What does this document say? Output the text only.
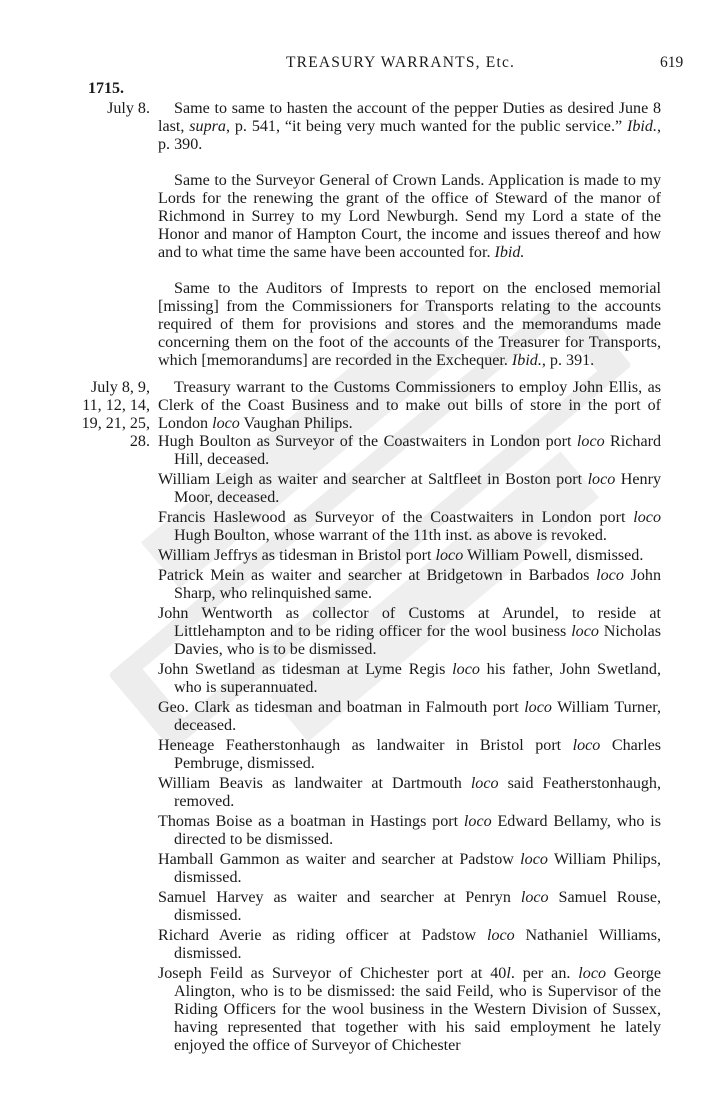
TREASURY WARRANTS, Etc.	619
1715.
July 8.	Same to same to hasten the account of the pepper Duties as desired June 8 last, supra, p. 541, “it being very much wanted for the public service.” Ibid., p. 390.
Same to the Surveyor General of Crown Lands. Application is made to my Lords for the renewing the grant of the office of Steward of the manor of Richmond in Surrey to my Lord Newburgh. Send my Lord a state of the Honor and manor of Hampton Court, the income and issues thereof and how and to what time the same have been accounted for. Ibid.
Same to the Auditors of Imprests to report on the enclosed memorial [missing] from the Commissioners for Transports relating to the accounts required of them for provisions and stores and the memorandums made concerning them on the foot of the accounts of the Treasurer for Transports, which [memorandums] are recorded in the Exchequer. Ibid., p. 391.
July 8, 9,
11, 12, 14,
19, 21, 25,
28.
Treasury warrant to the Customs Commissioners to employ John Ellis, as Clerk of the Coast Business and to make out bills of store in the port of London loco Vaughan Philips.
Hugh Boulton as Surveyor of the Coastwaiters in London port loco Richard Hill, deceased.
William Leigh as waiter and searcher at Saltfleet in Boston port loco Henry Moor, deceased.
Francis Haslewood as Surveyor of the Coastwaiters in London port loco Hugh Boulton, whose warrant of the 11th inst. as above is revoked.
William Jeffrys as tidesman in Bristol port loco William Powell, dismissed.
Patrick Mein as waiter and searcher at Bridgetown in Barbados loco John Sharp, who relinquished same.
John Wentworth as collector of Customs at Arundel, to reside at Littlehampton and to be riding officer for the wool business loco Nicholas Davies, who is to be dismissed.
John Swetland as tidesman at Lyme Regis loco his father, John Swetland, who is superannuated.
Geo. Clark as tidesman and boatman in Falmouth port loco William Turner, deceased.
Heneage Featherstonhaugh as landwaiter in Bristol port loco Charles Pembruge, dismissed.
William Beavis as landwaiter at Dartmouth loco said Featherstonhaugh, removed.
Thomas Boise as a boatman in Hastings port loco Edward Bellamy, who is directed to be dismissed.
Hamball Gammon as waiter and searcher at Padstow loco William Philips, dismissed.
Samuel Harvey as waiter and searcher at Penryn loco Samuel Rouse, dismissed.
Richard Averie as riding officer at Padstow loco Nathaniel Williams, dismissed.
Joseph Feild as Surveyor of Chichester port at 40l. per an. loco George Alington, who is to be dismissed: the said Feild, who is Supervisor of the Riding Officers for the wool business in the Western Division of Sussex, having represented that together with his said employment he lately enjoyed the office of Surveyor of Chichester
